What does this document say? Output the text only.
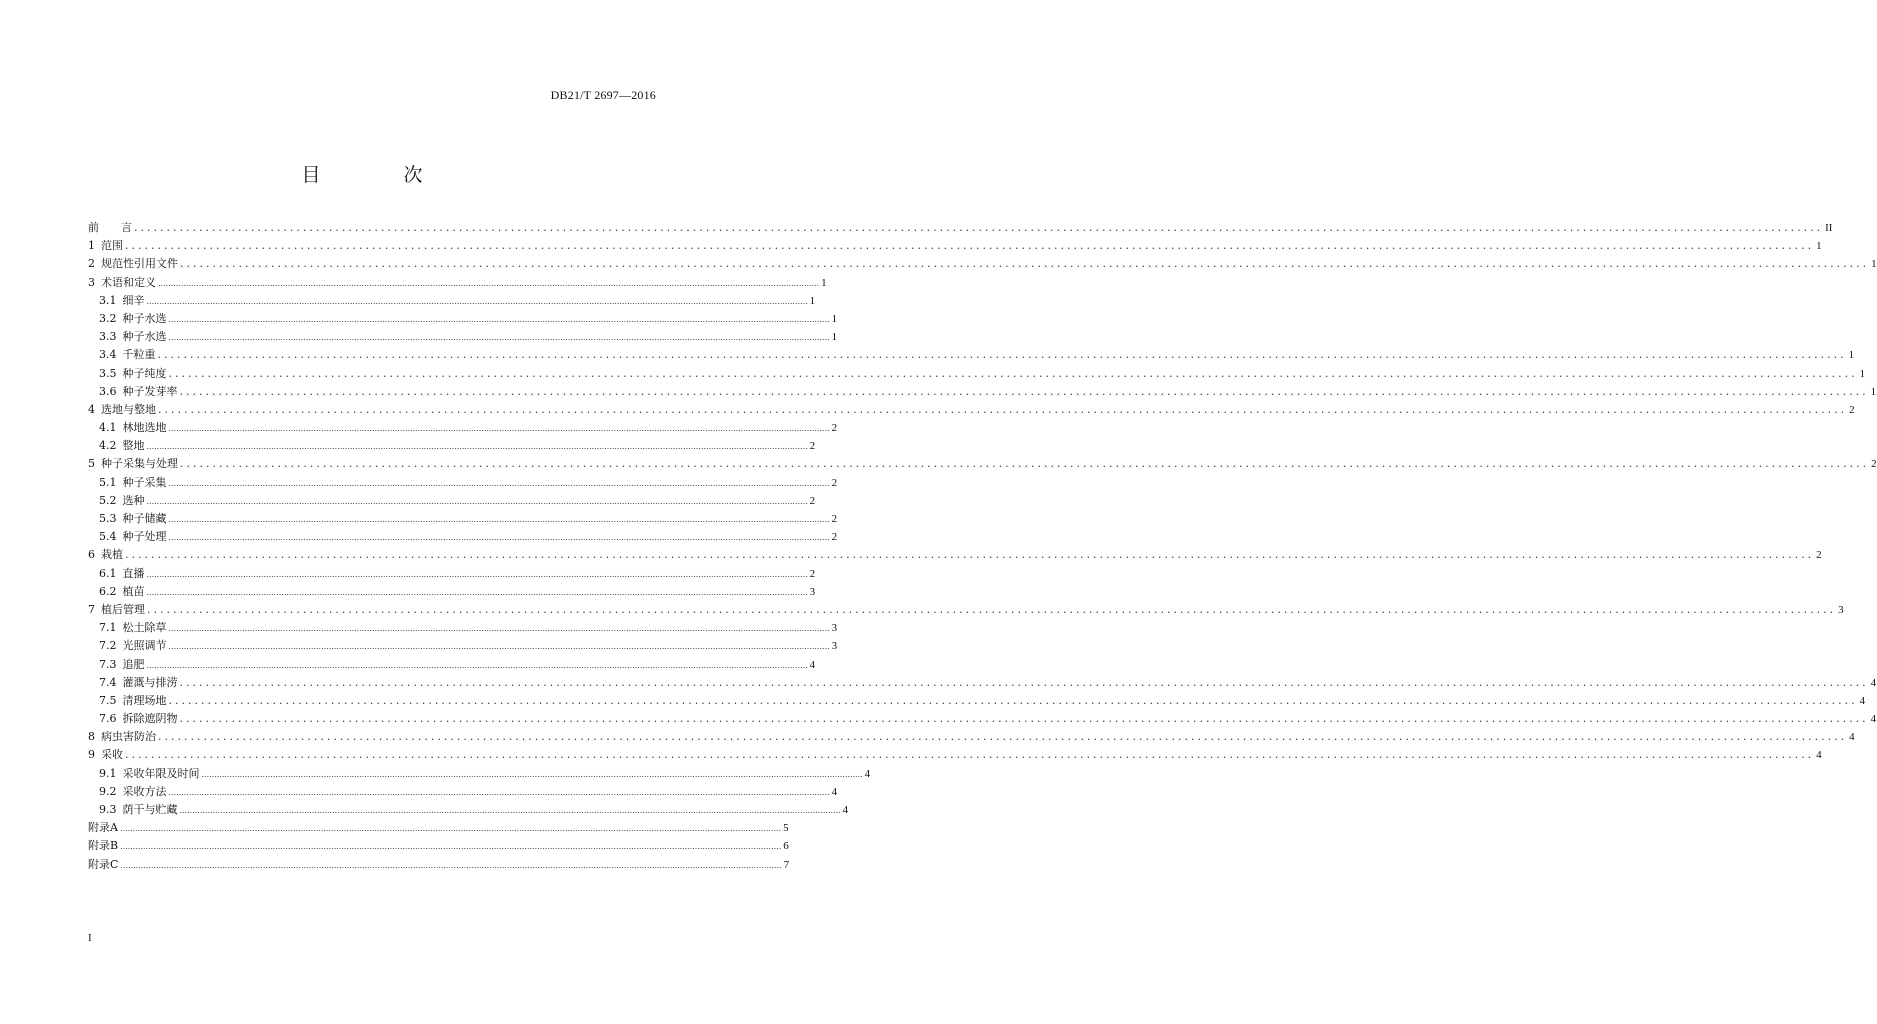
DB21/T 2697—2016
目　次
前　　言 .................................................................................................................................................................................................................................................................... II
1 范围 .................................................................................................................................................................................................................................................................... 1
2 规范性引用文件 .................................................................................................................................................................................................................................................................... 1
3 术语和定义 .................................................................................................................................................................................................................................................................... 1
3.1 细辛 .................................................................................................................................................................................................................................................................... 1
3.2 种子水选 .................................................................................................................................................................................................................................................................... 1
3.3 种子水选 .................................................................................................................................................................................................................................................................... 1
3.4 千粒重 .................................................................................................................................................................................................................................................................... 1
3.5 种子纯度 .................................................................................................................................................................................................................................................................... 1
3.6 种子发芽率 .................................................................................................................................................................................................................................................................... 1
4 选地与整地 .................................................................................................................................................................................................................................................................... 2
4.1 林地选地 .................................................................................................................................................................................................................................................................... 2
4.2 整地 .................................................................................................................................................................................................................................................................... 2
5 种子采集与处理 .................................................................................................................................................................................................................................................................... 2
5.1 种子采集 .................................................................................................................................................................................................................................................................... 2
5.2 选种 .................................................................................................................................................................................................................................................................... 2
5.3 种子储藏 .................................................................................................................................................................................................................................................................... 2
5.4 种子处理 .................................................................................................................................................................................................................................................................... 2
6 栽植 .................................................................................................................................................................................................................................................................... 2
6.1 直播 .................................................................................................................................................................................................................................................................... 2
6.2 植苗 .................................................................................................................................................................................................................................................................... 3
7 植后管理 .................................................................................................................................................................................................................................................................... 3
7.1 松土除草 .................................................................................................................................................................................................................................................................... 3
7.2 光照调节 .................................................................................................................................................................................................................................................................... 3
7.3 追肥 .................................................................................................................................................................................................................................................................... 4
7.4 灌溉与排涝 .................................................................................................................................................................................................................................................................... 4
7.5 清理场地 .................................................................................................................................................................................................................................................................... 4
7.6 拆除遮阴物 .................................................................................................................................................................................................................................................................... 4
8 病虫害防治 .................................................................................................................................................................................................................................................................... 4
9 采收 .................................................................................................................................................................................................................................................................... 4
9.1 采收年限及时间 .................................................................................................................................................................................................................................................................... 4
9.2 采收方法 .................................................................................................................................................................................................................................................................... 4
9.3 荫干与贮藏 .................................................................................................................................................................................................................................................................... 4
附录A .................................................................................................................................................................................................................................................................... 5
附录B .................................................................................................................................................................................................................................................................... 6
附录C .................................................................................................................................................................................................................................................................... 7
I
